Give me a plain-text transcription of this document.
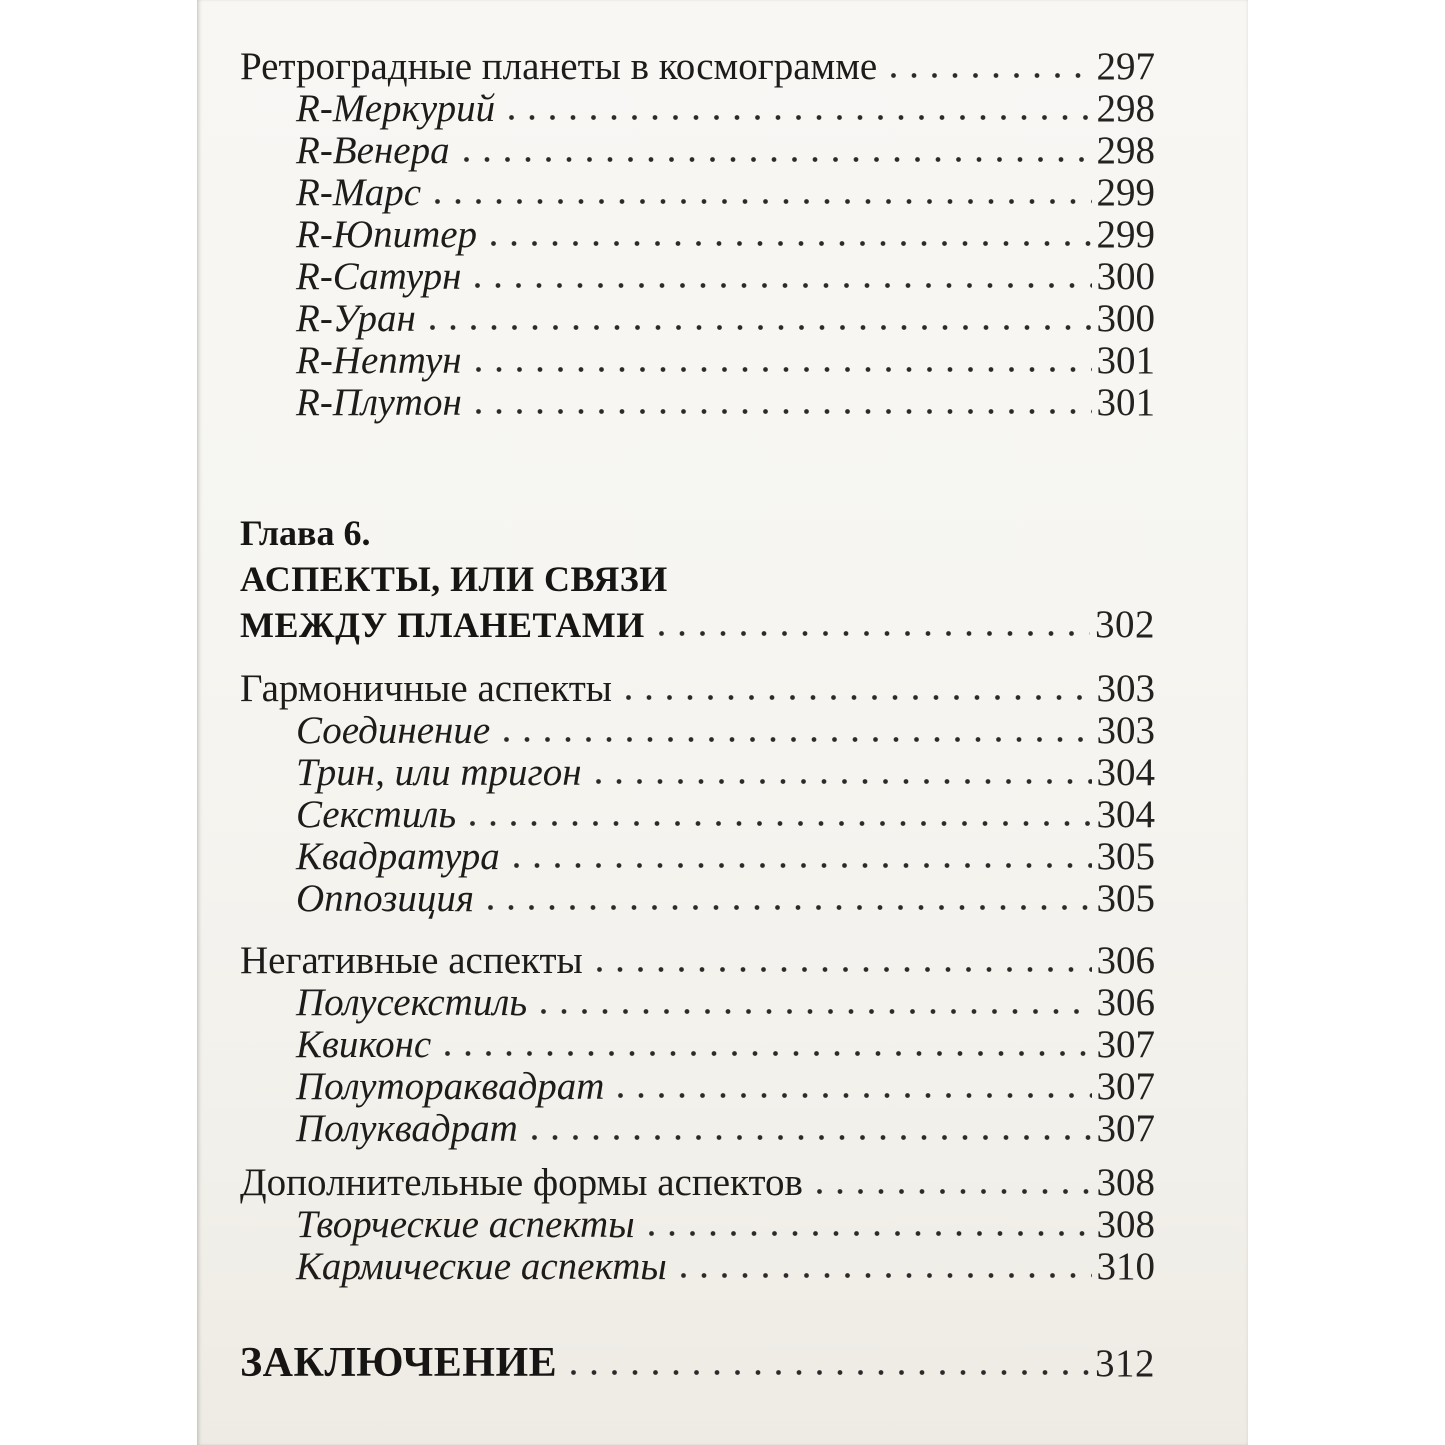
Ретроградные планеты в космограмме	297
R-Меркурий	298
R-Венера	298
R-Марс	299
R-Юпитер	299
R-Сатурн	300
R-Уран	300
R-Нептун	301
R-Плутон	301
Глава 6.
АСПЕКТЫ, ИЛИ СВЯЗИ
МЕЖДУ ПЛАНЕТАМИ	302
Гармоничные аспекты	303
Соединение	303
Трин, или тригон	304
Секстиль	304
Квадратура	305
Оппозиция	305
Негативные аспекты	306
Полусекстиль	306
Квиконс	307
Полутораквадрат	307
Полуквадрат	307
Дополнительные формы аспектов	308
Творческие аспекты	308
Кармические аспекты	310
ЗАКЛЮЧЕНИЕ	312
